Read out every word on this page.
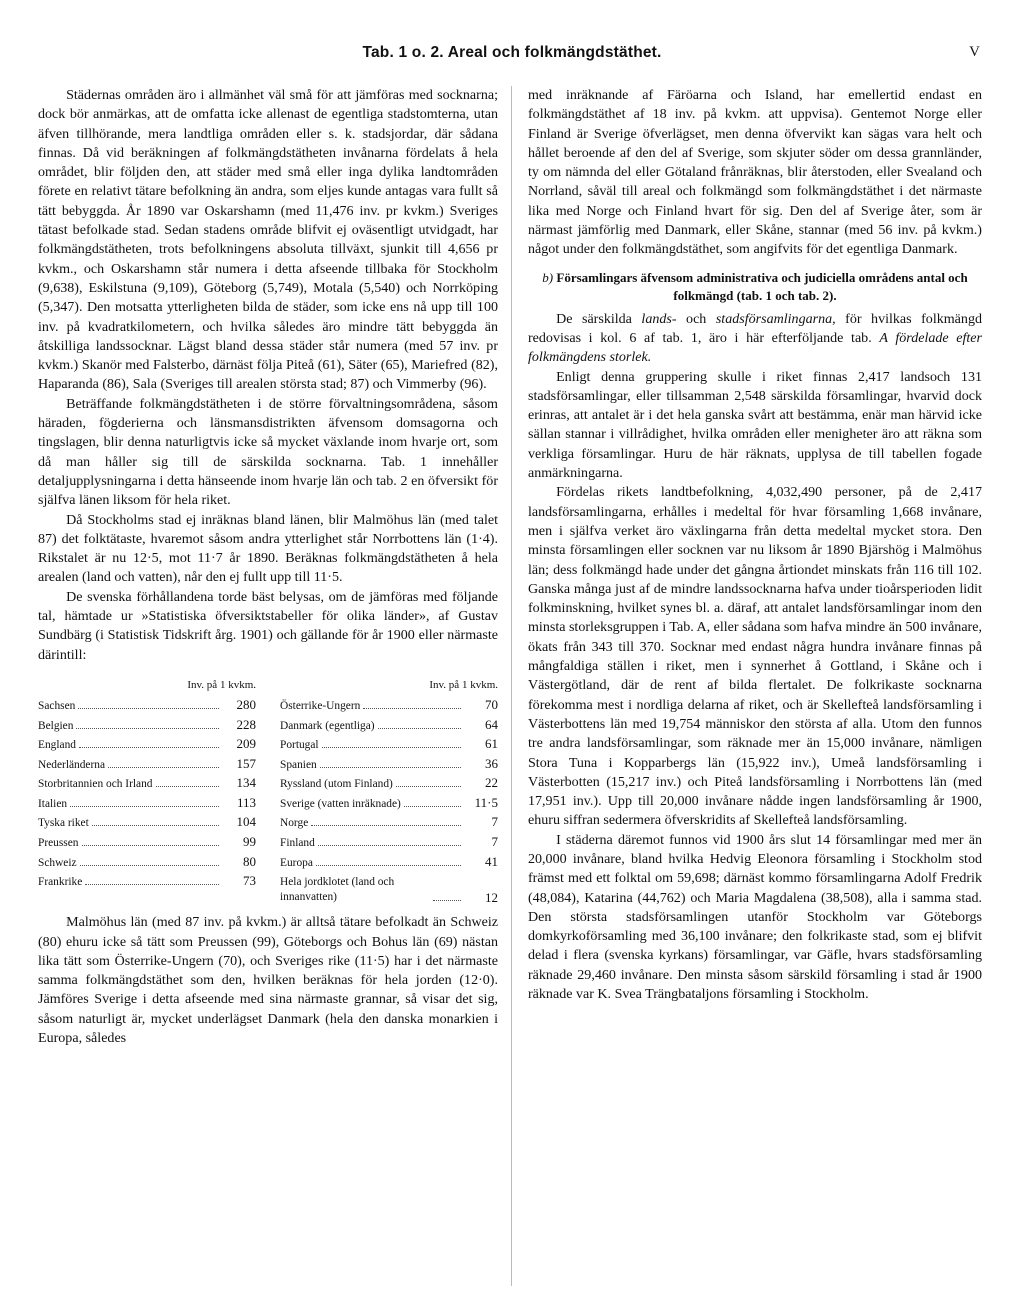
Tab. 1 o. 2. Areal och folkmängdstäthet.	V

Städernas områden äro i allmänhet väl små för att jämföras med socknarna; dock bör anmärkas, att de omfatta icke allenast de egentliga stadstomterna, utan äfven tillhörande, mera landtliga områden eller s. k. stadsjordar, där sådana finnas. Då vid beräkningen af folkmängdstätheten invånarna fördelats å hela området, blir följden den, att städer med små eller inga dylika landtområden förete en relativt tätare befolkning än andra, som eljes kunde antagas vara fullt så tätt bebyggda. År 1890 var Oskarshamn (med 11,476 inv. pr kvkm.) Sveriges tätast befolkade stad. Sedan stadens område blifvit ej oväsentligt utvidgadt, har folkmängdstätheten, trots befolkningens absoluta tillväxt, sjunkit till 4,656 pr kvkm., och Oskarshamn står numera i detta afseende tillbaka för Stockholm (9,638), Eskilstuna (9,109), Göteborg (5,749), Motala (5,540) och Norrköping (5,347). Den motsatta ytterligheten bilda de städer, som icke ens nå upp till 100 inv. på kvadratkilometern, och hvilka således äro mindre tätt bebyggda än åtskilliga landssocknar. Lägst bland dessa städer står numera (med 57 inv. pr kvkm.) Skanör med Falsterbo, därnäst följa Piteå (61), Säter (65), Mariefred (82), Haparanda (86), Sala (Sveriges till arealen största stad; 87) och Vimmerby (96).

Beträffande folkmängdstätheten i de större förvaltningsområdena, såsom häraden, fögderierna och länsmansdistrikten äfvensom domsagorna och tingslagen, blir denna naturligtvis icke så mycket växlande inom hvarje ort, som då man håller sig till de särskilda socknarna. Tab. 1 innehåller detaljupplysningarna i detta hänseende inom hvarje län och tab. 2 en öfversikt för själfva länen liksom för hela riket.

Då Stockholms stad ej inräknas bland länen, blir Malmöhus län (med talet 87) det folktätaste, hvaremot såsom andra ytterlighet står Norrbottens län (1·4). Rikstalet är nu 12·5, mot 11·7 år 1890. Beräknas folkmängdstätheten å hela arealen (land och vatten), når den ej fullt upp till 11·5.

De svenska förhållandena torde bäst belysas, om de jämföras med följande tal, hämtade ur »Statistiska öfversiktstabeller för olika länder», af Gustav Sundbärg (i Statistisk Tidskrift årg. 1901) och gällande för år 1900 eller närmaste därintill:

Inv. på 1 kvkm.
Sachsen	280
Belgien	228
England	209
Nederländerna	157
Storbritannien och Irland	134
Italien	113
Tyska riket	104
Preussen	99
Schweiz	80
Frankrike	73
Inv. på 1 kvkm.
Österrike-Ungern	70
Danmark (egentliga)	64
Portugal	61
Spanien	36
Ryssland (utom Finland)	22
Sverige (vatten inräknade)	11·5
Norge	7
Finland	7
Europa	41
Hela jordklotet (land och innanvatten)	12

Malmöhus län (med 87 inv. på kvkm.) är alltså tätare befolkadt än Schweiz (80) ehuru icke så tätt som Preussen (99), Göteborgs och Bohus län (69) nästan lika tätt som Österrike-Ungern (70), och Sveriges rike (11·5) har i det närmaste samma folkmängdstäthet som den, hvilken beräknas för hela jorden (12·0). Jämföres Sverige i detta afseende med sina närmaste grannar, så visar det sig, såsom naturligt är, mycket underlägset Danmark (hela den danska monarkien i Europa, således

med inräknande af Färöarna och Island, har emellertid endast en folkmängdstäthet af 18 inv. på kvkm. att uppvisa). Gentemot Norge eller Finland är Sverige öfverlägset, men denna öfvervikt kan sägas vara helt och hållet beroende af den del af Sverige, som skjuter söder om dessa grannländer, ty om nämnda del eller Götaland frånräknas, blir återstoden, eller Svealand och Norrland, såväl till areal och folkmängd som folkmängdstäthet i det närmaste lika med Norge och Finland hvart för sig. Den del af Sverige åter, som är närmast jämförlig med Danmark, eller Skåne, stannar (med 56 inv. på kvkm.) något under den folkmängdstäthet, som angifvits för det egentliga Danmark.

b) Församlingars äfvensom administrativa och judiciella områdens antal och folkmängd (tab. 1 och tab. 2).

De särskilda lands- och stadsförsamlingarna, för hvilkas folkmängd redovisas i kol. 6 af tab. 1, äro i här efterföljande tab. A fördelade efter folkmängdens storlek.

Enligt denna gruppering skulle i riket finnas 2,417 landsoch 131 stadsförsamlingar, eller tillsamman 2,548 särskilda församlingar, hvarvid dock erinras, att antalet är i det hela ganska svårt att bestämma, enär man härvid icke sällan stannar i villrådighet, hvilka områden eller menigheter äro att räkna som verkliga församlingar. Huru de här räknats, upplysa de till tabellen fogade anmärkningarna.

Fördelas rikets landtbefolkning, 4,032,490 personer, på de 2,417 landsförsamlingarna, erhålles i medeltal för hvar församling 1,668 invånare, men i själfva verket äro växlingarna från detta medeltal mycket stora. Den minsta församlingen eller socknen var nu liksom år 1890 Bjärshög i Malmöhus län; dess folkmängd hade under det gångna årtiondet minskats från 116 till 102. Ganska många just af de mindre landssocknarna hafva under tioårsperioden lidit folkminskning, hvilket synes bl. a. däraf, att antalet landsförsamlingar inom den minsta storleksgruppen i Tab. A, eller sådana som hafva mindre än 500 invånare, ökats från 343 till 370. Socknar med endast några hundra invånare finnas på mångfaldiga ställen i riket, men i synnerhet å Gottland, i Skåne och i Västergötland, där de rent af bilda flertalet. De folkrikaste socknarna förekomma mest i nordliga delarna af riket, och är Skellefteå landsförsamling i Västerbottens län med 19,754 människor den största af alla. Utom den funnos tre andra landsförsamlingar, som räknade mer än 15,000 invånare, nämligen Stora Tuna i Kopparbergs län (15,922 inv.), Umeå landsförsamling i Västerbotten (15,217 inv.) och Piteå landsförsamling i Norrbottens län (med 17,951 inv.). Upp till 20,000 invånare nådde ingen landsförsamling år 1900, ehuru siffran sedermera öfverskridits af Skellefteå landsförsamling.

I städerna däremot funnos vid 1900 års slut 14 församlingar med mer än 20,000 invånare, bland hvilka Hedvig Eleonora församling i Stockholm stod främst med ett folktal om 59,698; därnäst kommo församlingarna Adolf Fredrik (48,084), Katarina (44,762) och Maria Magdalena (38,508), alla i samma stad. Den största stadsförsamlingen utanför Stockholm var Göteborgs domkyrkoförsamling med 36,100 invånare; den folkrikaste stad, som ej blifvit delad i flera (svenska kyrkans) församlingar, var Gäfle, hvars stadsförsamling räknade 29,460 invånare. Den minsta såsom särskild församling i stad år 1900 räknade var K. Svea Trängbataljons församling i Stockholm.
